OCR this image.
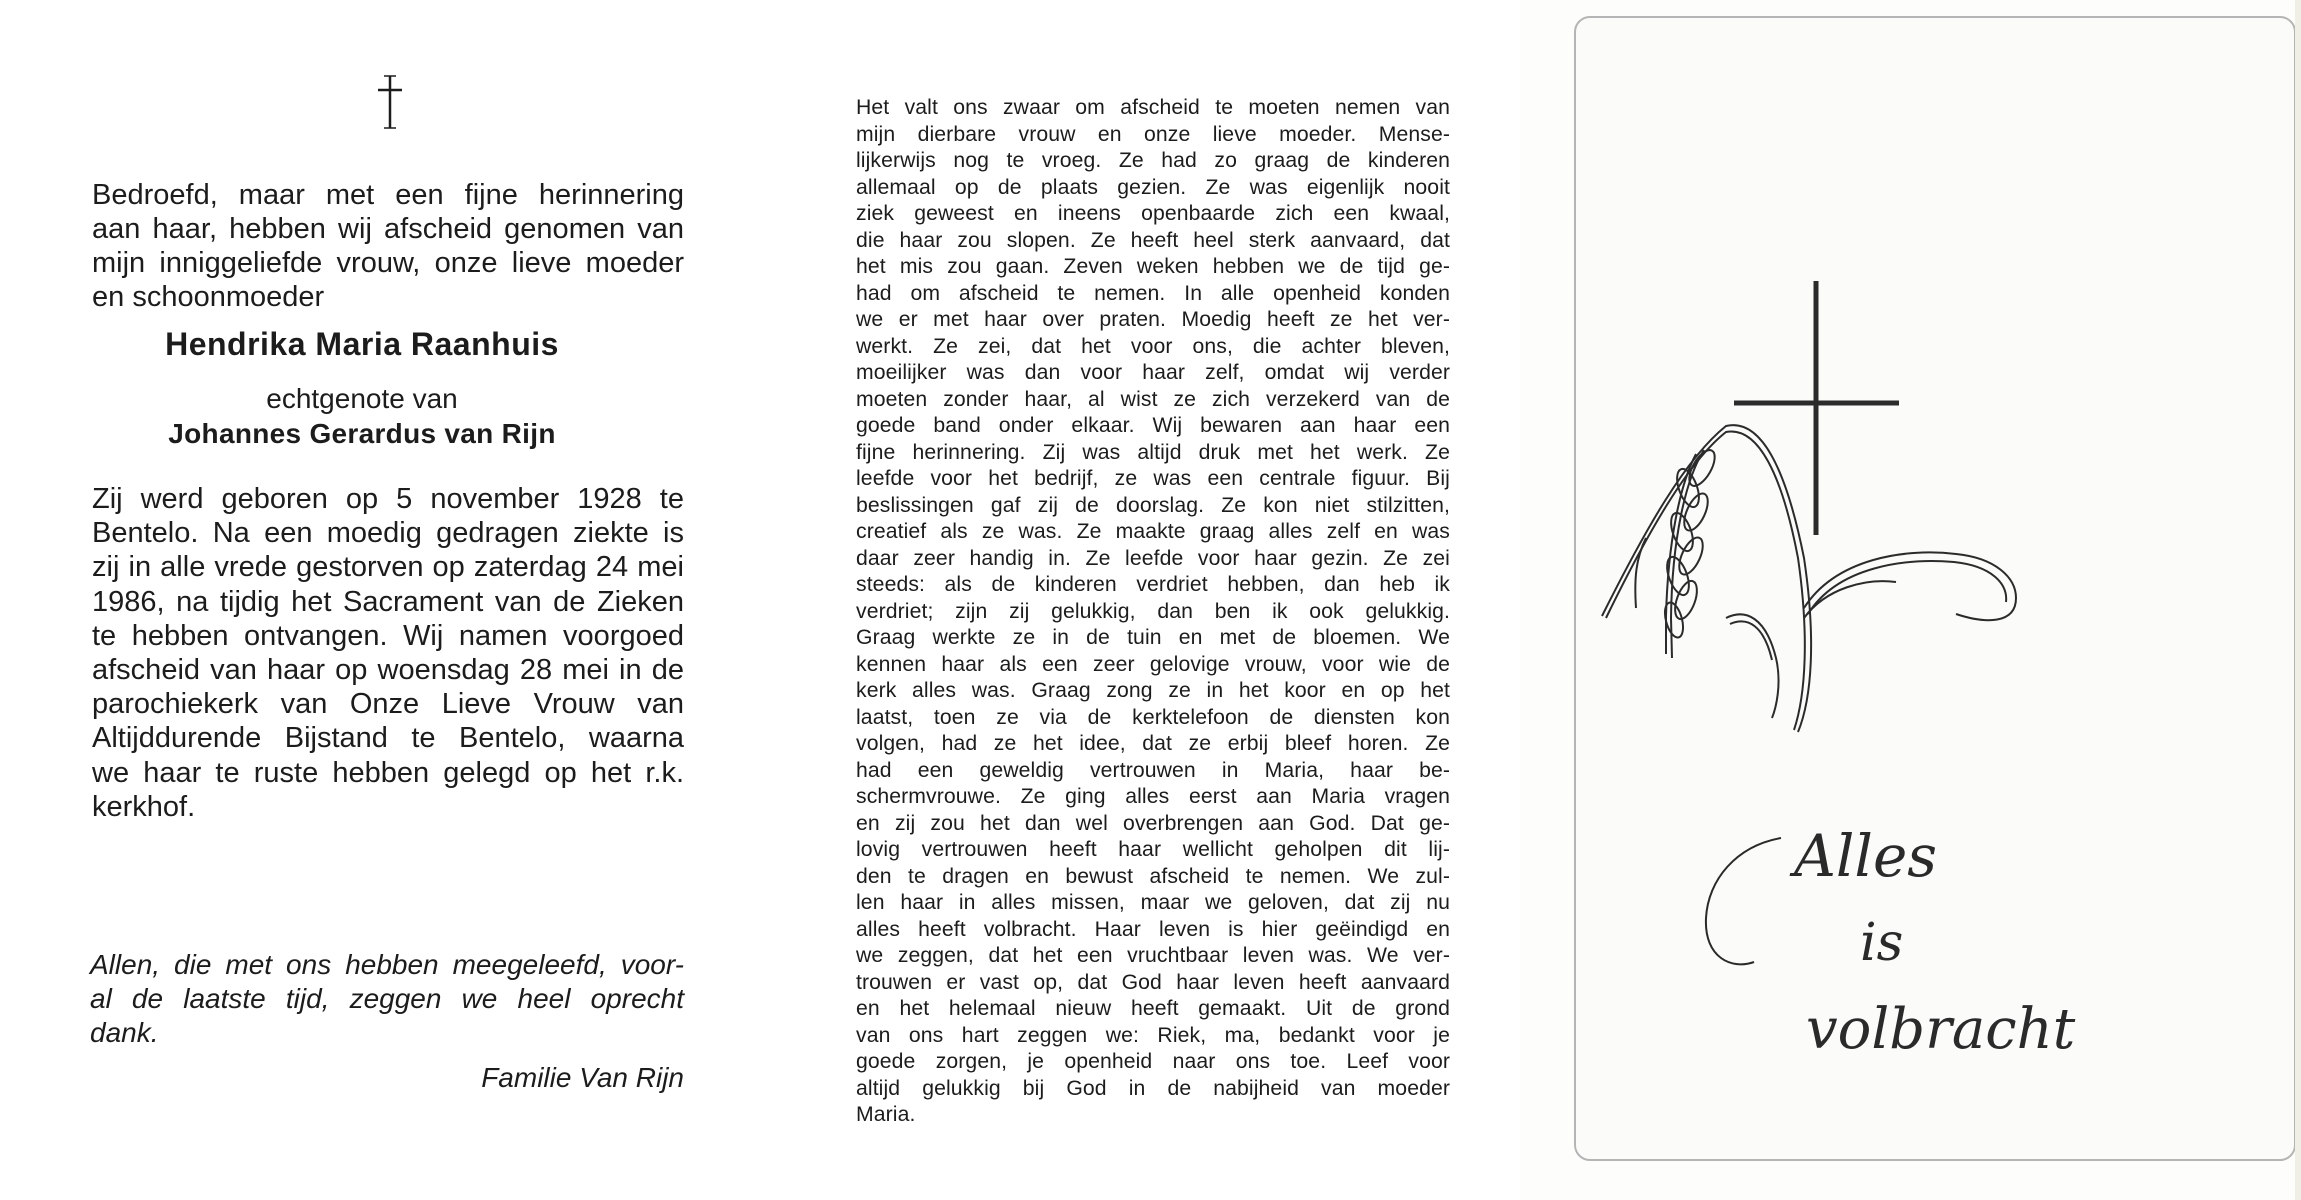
Bedroefd, maar met een fijne herinnering
aan haar, hebben wij afscheid genomen van
mijn inniggeliefde vrouw, onze lieve moeder
en schoonmoeder
Hendrika Maria Raanhuis
echtgenote van
Johannes Gerardus van Rijn
Zij werd geboren op 5 november 1928 te
Bentelo. Na een moedig gedragen ziekte is
zij in alle vrede gestorven op zaterdag 24 mei
1986, na tijdig het Sacrament van de Zieken
te hebben ontvangen. Wij namen voorgoed
afscheid van haar op woensdag 28 mei in de
parochiekerk van Onze Lieve Vrouw van
Altijddurende Bijstand te Bentelo, waarna
we haar te ruste hebben gelegd op het r.k.
kerkhof.
Allen, die met ons hebben meegeleefd, voor-
al de laatste tijd, zeggen we heel oprecht
dank.
Familie Van Rijn
Het valt ons zwaar om afscheid te moeten nemen van
mijn dierbare vrouw en onze lieve moeder. Mense-
lijkerwijs nog te vroeg. Ze had zo graag de kinderen
allemaal op de plaats gezien. Ze was eigenlijk nooit
ziek geweest en ineens openbaarde zich een kwaal,
die haar zou slopen. Ze heeft heel sterk aanvaard, dat
het mis zou gaan. Zeven weken hebben we de tijd ge-
had om afscheid te nemen. In alle openheid konden
we er met haar over praten. Moedig heeft ze het ver-
werkt. Ze zei, dat het voor ons, die achter bleven,
moeilijker was dan voor haar zelf, omdat wij verder
moeten zonder haar, al wist ze zich verzekerd van de
goede band onder elkaar. Wij bewaren aan haar een
fijne herinnering. Zij was altijd druk met het werk. Ze
leefde voor het bedrijf, ze was een centrale figuur. Bij
beslissingen gaf zij de doorslag. Ze kon niet stilzitten,
creatief als ze was. Ze maakte graag alles zelf en was
daar zeer handig in. Ze leefde voor haar gezin. Ze zei
steeds: als de kinderen verdriet hebben, dan heb ik
verdriet; zijn zij gelukkig, dan ben ik ook gelukkig.
Graag werkte ze in de tuin en met de bloemen. We
kennen haar als een zeer gelovige vrouw, voor wie de
kerk alles was. Graag zong ze in het koor en op het
laatst, toen ze via de kerktelefoon de diensten kon
volgen, had ze het idee, dat ze erbij bleef horen. Ze
had een geweldig vertrouwen in Maria, haar be-
schermvrouwe. Ze ging alles eerst aan Maria vragen
en zij zou het dan wel overbrengen aan God. Dat ge-
lovig vertrouwen heeft haar wellicht geholpen dit lij-
den te dragen en bewust afscheid te nemen. We zul-
len haar in alles missen, maar we geloven, dat zij nu
alles heeft volbracht. Haar leven is hier geëindigd en
we zeggen, dat het een vruchtbaar leven was. We ver-
trouwen er vast op, dat God haar leven heeft aanvaard
en het helemaal nieuw heeft gemaakt. Uit de grond
van ons hart zeggen we: Riek, ma, bedankt voor je
goede zorgen, je openheid naar ons toe. Leef voor
altijd gelukkig bij God in de nabijheid van moeder
Maria.
Alles
is
volbracht
